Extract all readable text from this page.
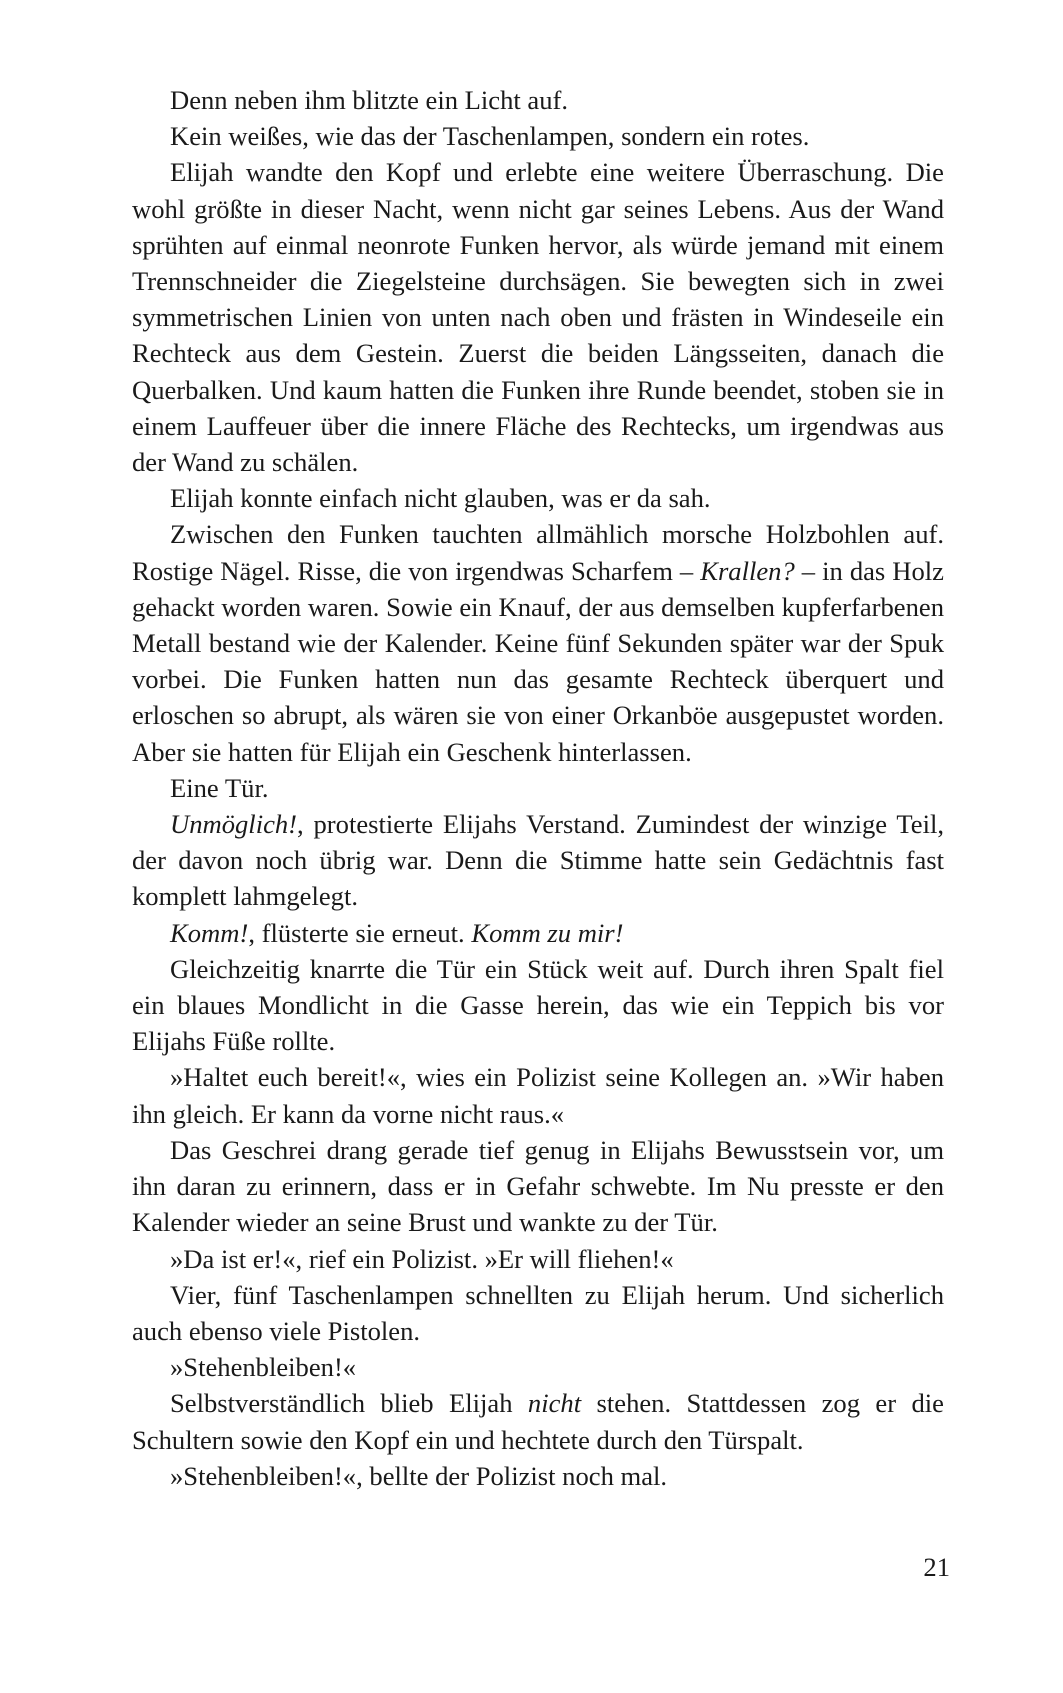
Denn neben ihm blitzte ein Licht auf.

Kein weißes, wie das der Taschenlampen, sondern ein rotes.

Elijah wandte den Kopf und erlebte eine weitere Überraschung. Die wohl größte in dieser Nacht, wenn nicht gar seines Lebens. Aus der Wand sprühten auf einmal neonrote Funken hervor, als würde jemand mit einem Trennschneider die Ziegelsteine durchsägen. Sie bewegten sich in zwei symmetrischen Linien von unten nach oben und frästen in Windeseile ein Rechteck aus dem Gestein. Zuerst die beiden Längsseiten, danach die Querbalken. Und kaum hatten die Funken ihre Runde beendet, stoben sie in einem Lauffeuer über die innere Fläche des Rechtecks, um irgendwas aus der Wand zu schälen.

Elijah konnte einfach nicht glauben, was er da sah.

Zwischen den Funken tauchten allmählich morsche Holzbohlen auf. Rostige Nägel. Risse, die von irgendwas Scharfem – Krallen? – in das Holz gehackt worden waren. Sowie ein Knauf, der aus demselben kupferfarbenen Metall bestand wie der Kalender. Keine fünf Sekunden später war der Spuk vorbei. Die Funken hatten nun das gesamte Rechteck überquert und erloschen so abrupt, als wären sie von einer Orkanböe ausgepustet worden. Aber sie hatten für Elijah ein Geschenk hinterlassen.

Eine Tür.

Unmöglich!, protestierte Elijahs Verstand. Zumindest der winzige Teil, der davon noch übrig war. Denn die Stimme hatte sein Gedächtnis fast komplett lahmgelegt.

Komm!, flüsterte sie erneut. Komm zu mir!

Gleichzeitig knarrte die Tür ein Stück weit auf. Durch ihren Spalt fiel ein blaues Mondlicht in die Gasse herein, das wie ein Teppich bis vor Elijahs Füße rollte.

»Haltet euch bereit!«, wies ein Polizist seine Kollegen an. »Wir haben ihn gleich. Er kann da vorne nicht raus.«

Das Geschrei drang gerade tief genug in Elijahs Bewusstsein vor, um ihn daran zu erinnern, dass er in Gefahr schwebte. Im Nu presste er den Kalender wieder an seine Brust und wankte zu der Tür.

»Da ist er!«, rief ein Polizist. »Er will fliehen!«

Vier, fünf Taschenlampen schnellten zu Elijah herum. Und sicherlich auch ebenso viele Pistolen.

»Stehenbleiben!«

Selbstverständlich blieb Elijah nicht stehen. Stattdessen zog er die Schultern sowie den Kopf ein und hechtete durch den Türspalt.

»Stehenbleiben!«, bellte der Polizist noch mal.

21
